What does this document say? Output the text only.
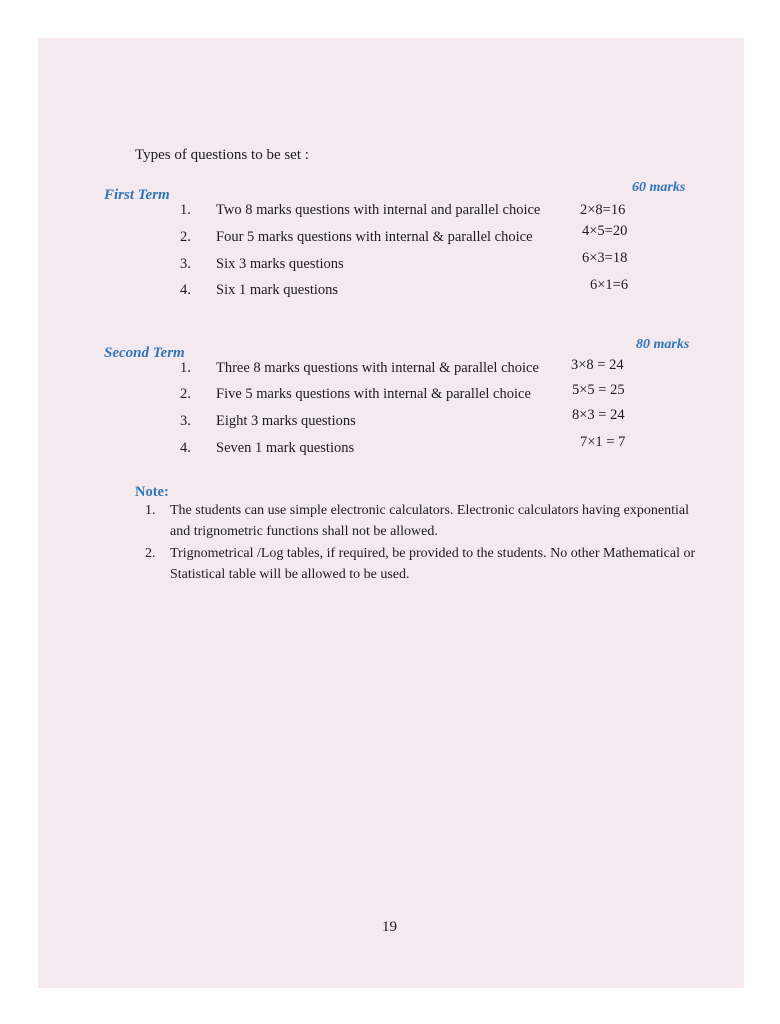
Types of questions to be set :
First Term	60 marks
1. Two 8 marks questions with internal and parallel choice	2×8=16
2. Four 5 marks questions with internal & parallel choice	4×5=20
3. Six 3 marks questions	6×3=18
4. Six 1 mark questions	6×1=6
Second Term
80 marks
1. Three 8 marks questions with internal & parallel choice 3×8 = 24
2. Five 5 marks questions with internal & parallel choice	5×5 = 25
3. Eight 3 marks questions	8×3 = 24
4. Seven 1 mark questions	7×1 = 7
Note:
1. The students can use simple electronic calculators. Electronic calculators having exponential and trignometric functions shall not be allowed.
2. Trignometrical /Log tables, if required, be provided to the students. No other Mathematical or Statistical table will be allowed to be used.
19
